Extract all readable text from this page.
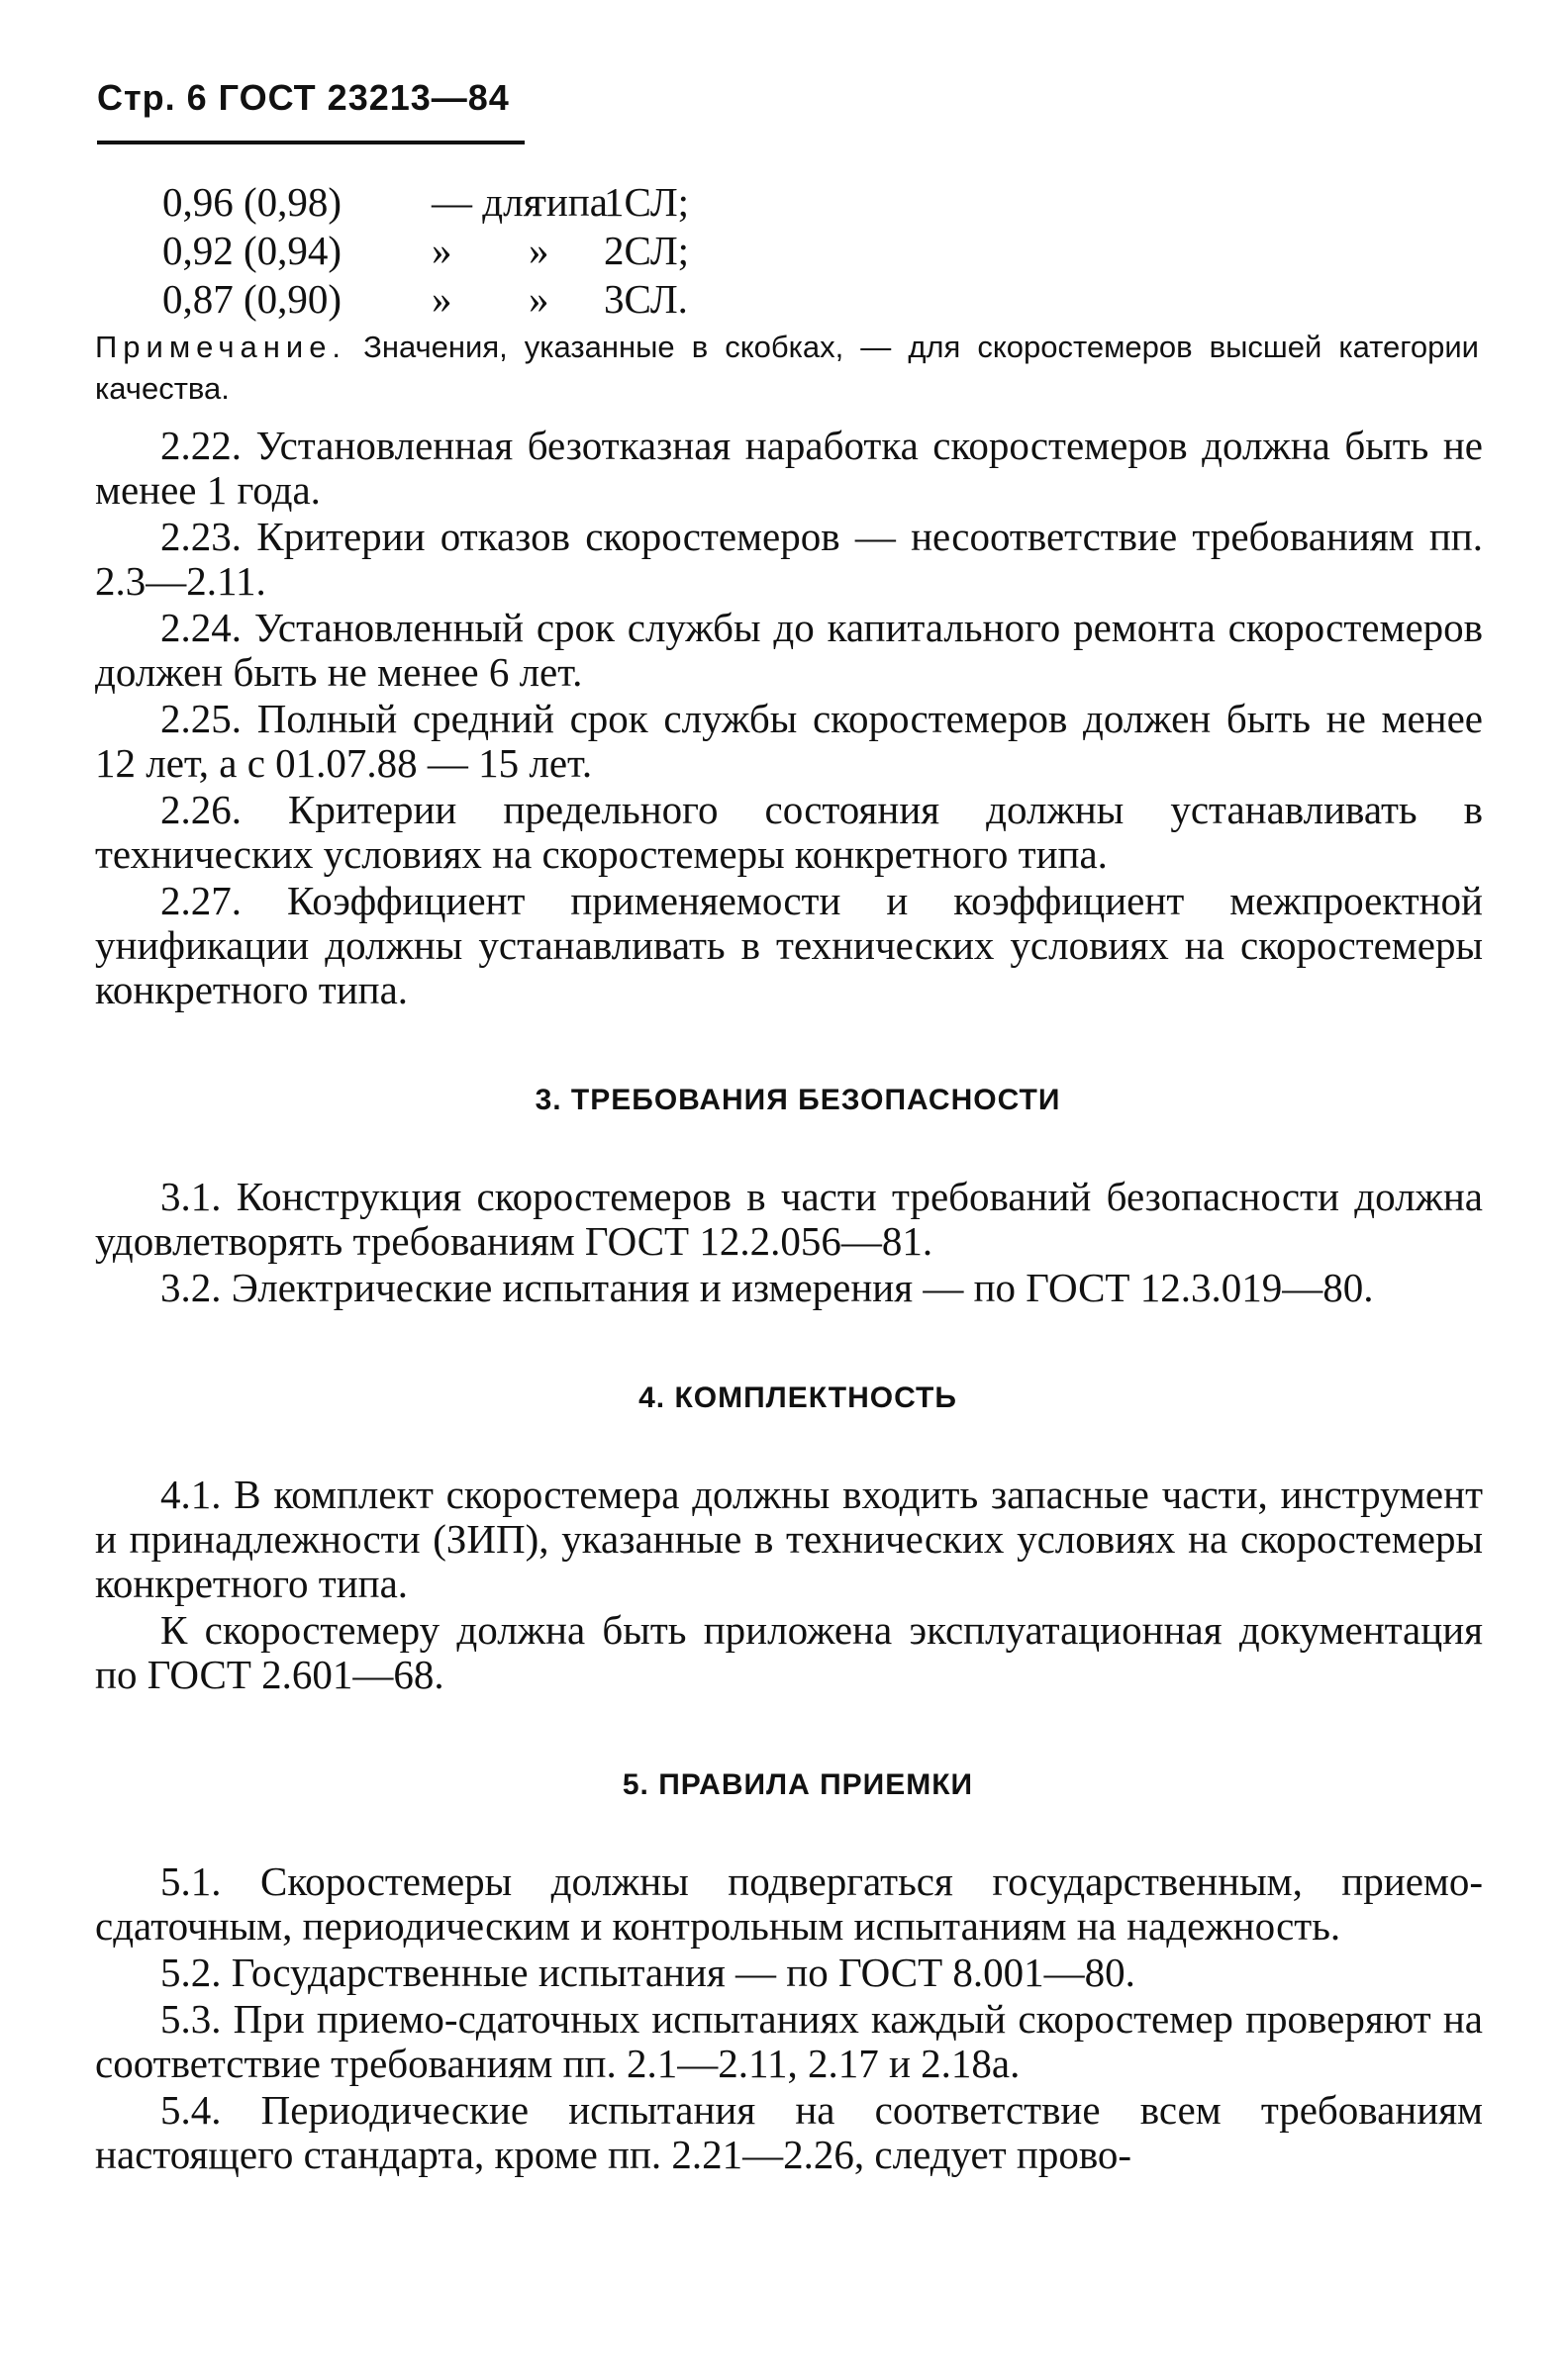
Стр. 6 ГОСТ 23213—84
0,96 (0,98) — для
типа
1СЛ;
0,92 (0,94) » » 2СЛ;
0,87 (0,90) » » 3СЛ.
Примечание. Значения, указанные в скобках, — для скоростемеров высшей категории качества.
2.22. Установленная безотказная наработка скоростемеров должна быть не менее 1 года.
2.23. Критерии отказов скоростемеров — несоответствие требованиям пп. 2.3—2.11.
2.24. Установленный срок службы до капитального ремонта скоростемеров должен быть не менее 6 лет.
2.25. Полный средний срок службы скоростемеров должен быть не менее 12 лет, а с 01.07.88 — 15 лет.
2.26. Критерии предельного состояния должны устанавливать в технических условиях на скоростемеры конкретного типа.
2.27. Коэффициент применяемости и коэффициент межпроектной унификации должны устанавливать в технических условиях на скоростемеры конкретного типа.
3. ТРЕБОВАНИЯ БЕЗОПАСНОСТИ
3.1. Конструкция скоростемеров в части требований безопасности должна удовлетворять требованиям ГОСТ 12.2.056—81.
3.2. Электрические испытания и измерения — по ГОСТ 12.3.019—80.
4. КОМПЛЕКТНОСТЬ
4.1. В комплект скоростемера должны входить запасные части, инструмент и принадлежности (ЗИП), указанные в технических условиях на скоростемеры конкретного типа.
К скоростемеру должна быть приложена эксплуатационная документация по ГОСТ 2.601—68.
5. ПРАВИЛА ПРИЕМКИ
5.1. Скоростемеры должны подвергаться государственным, приемо-сдаточным, периодическим и контрольным испытаниям на надежность.
5.2. Государственные испытания — по ГОСТ 8.001—80.
5.3. При приемо-сдаточных испытаниях каждый скоростемер проверяют на соответствие требованиям пп. 2.1—2.11, 2.17 и 2.18а.
5.4. Периодические испытания на соответствие всем требованиям настоящего стандарта, кроме пп. 2.21—2.26, следует прово-
